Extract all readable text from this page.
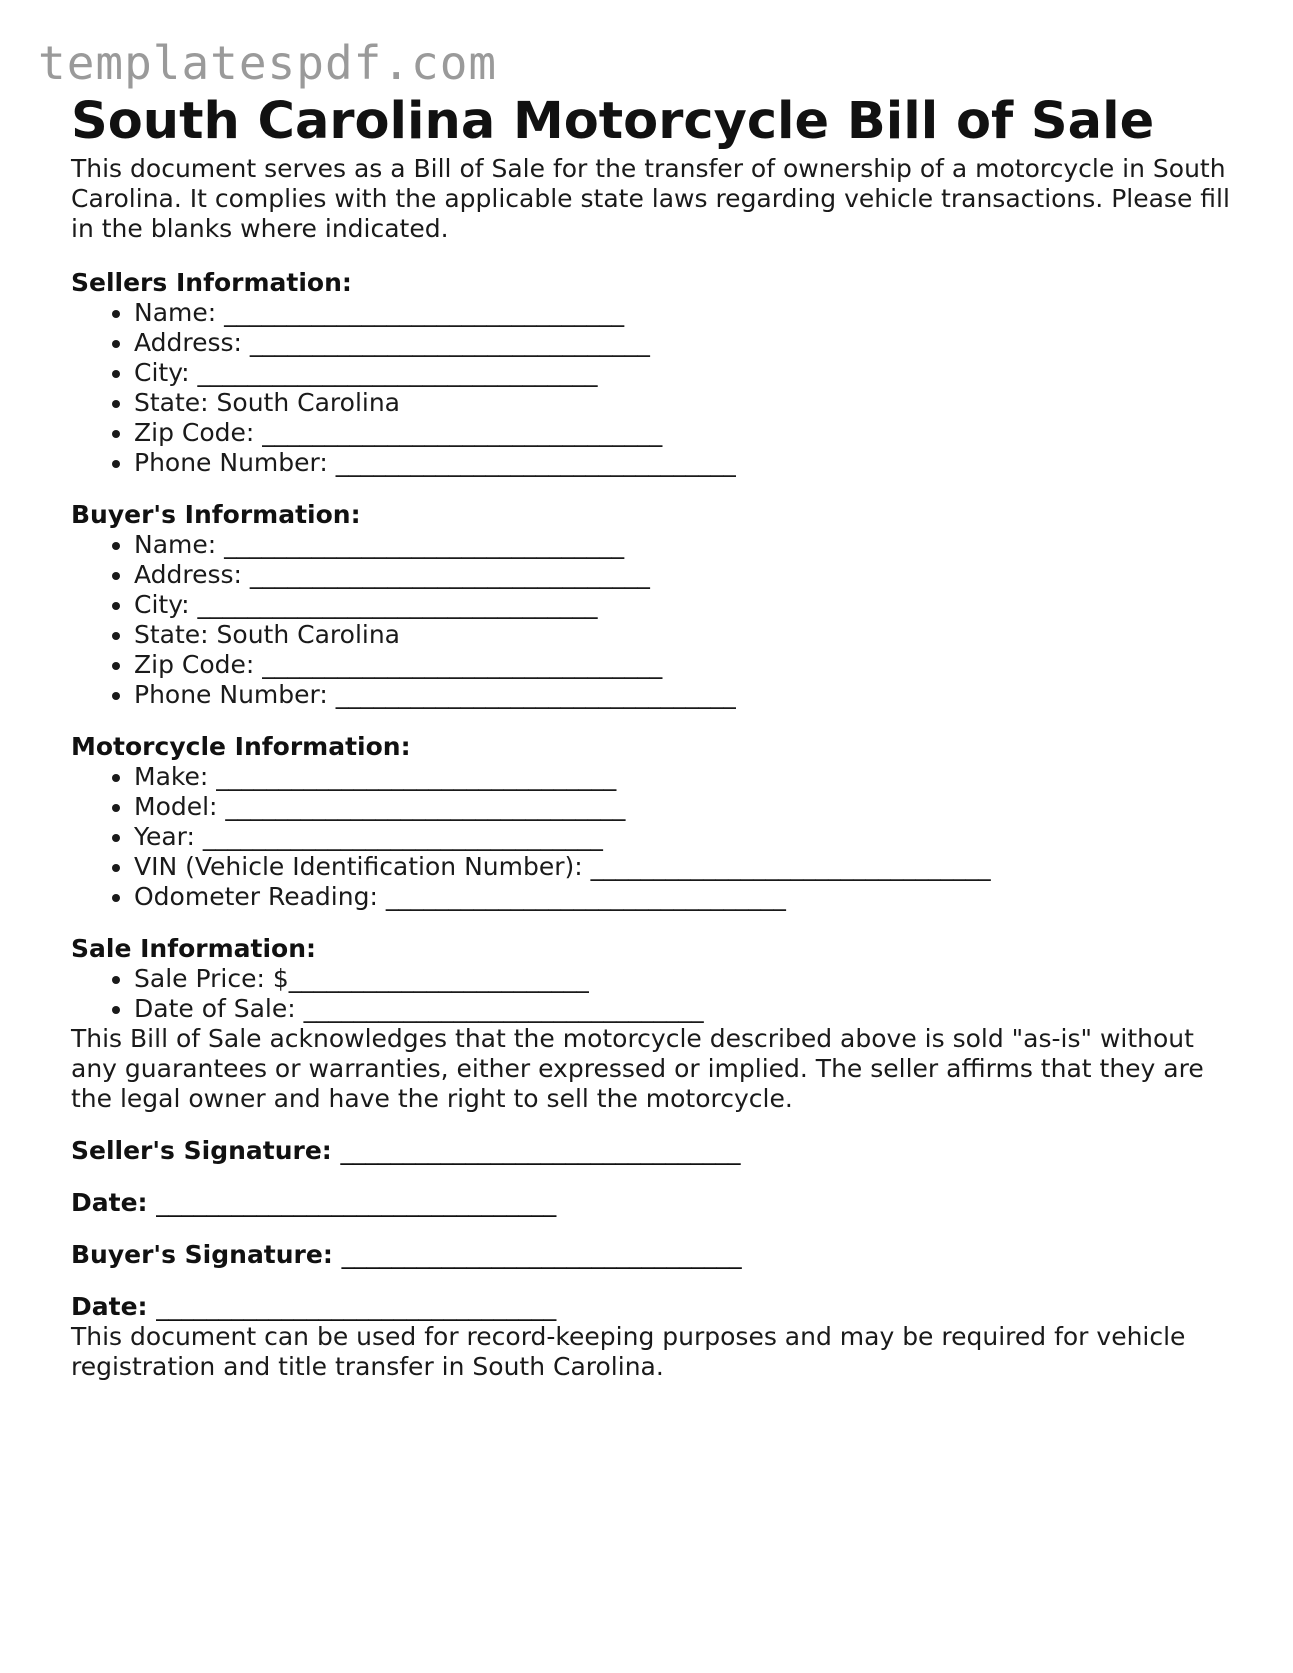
templatespdf.com
South Carolina Motorcycle Bill of Sale

This document serves as a Bill of Sale for the transfer of ownership of a motorcycle in South Carolina. It complies with the applicable state laws regarding vehicle transactions. Please fill in the blanks where indicated.

Sellers Information:
• Name: ________________________________
• Address: ________________________________
• City: ________________________________
• State: South Carolina
• Zip Code: ________________________________
• Phone Number: ________________________________
Buyer's Information:
• Name: ________________________________
• Address: ________________________________
• City: ________________________________
• State: South Carolina
• Zip Code: ________________________________
• Phone Number: ________________________________
Motorcycle Information:
• Make: ________________________________
• Model: ________________________________
• Year: ________________________________
• VIN (Vehicle Identification Number): ________________________________
• Odometer Reading: ________________________________
Sale Information:
• Sale Price: $________________________
• Date of Sale: ________________________________

This Bill of Sale acknowledges that the motorcycle described above is sold "as-is" without any guarantees or warranties, either expressed or implied. The seller affirms that they are the legal owner and have the right to sell the motorcycle.

Seller's Signature: ________________________________

Date: ________________________________

Buyer's Signature: ________________________________

Date: ________________________________

This document can be used for record-keeping purposes and may be required for vehicle registration and title transfer in South Carolina.
